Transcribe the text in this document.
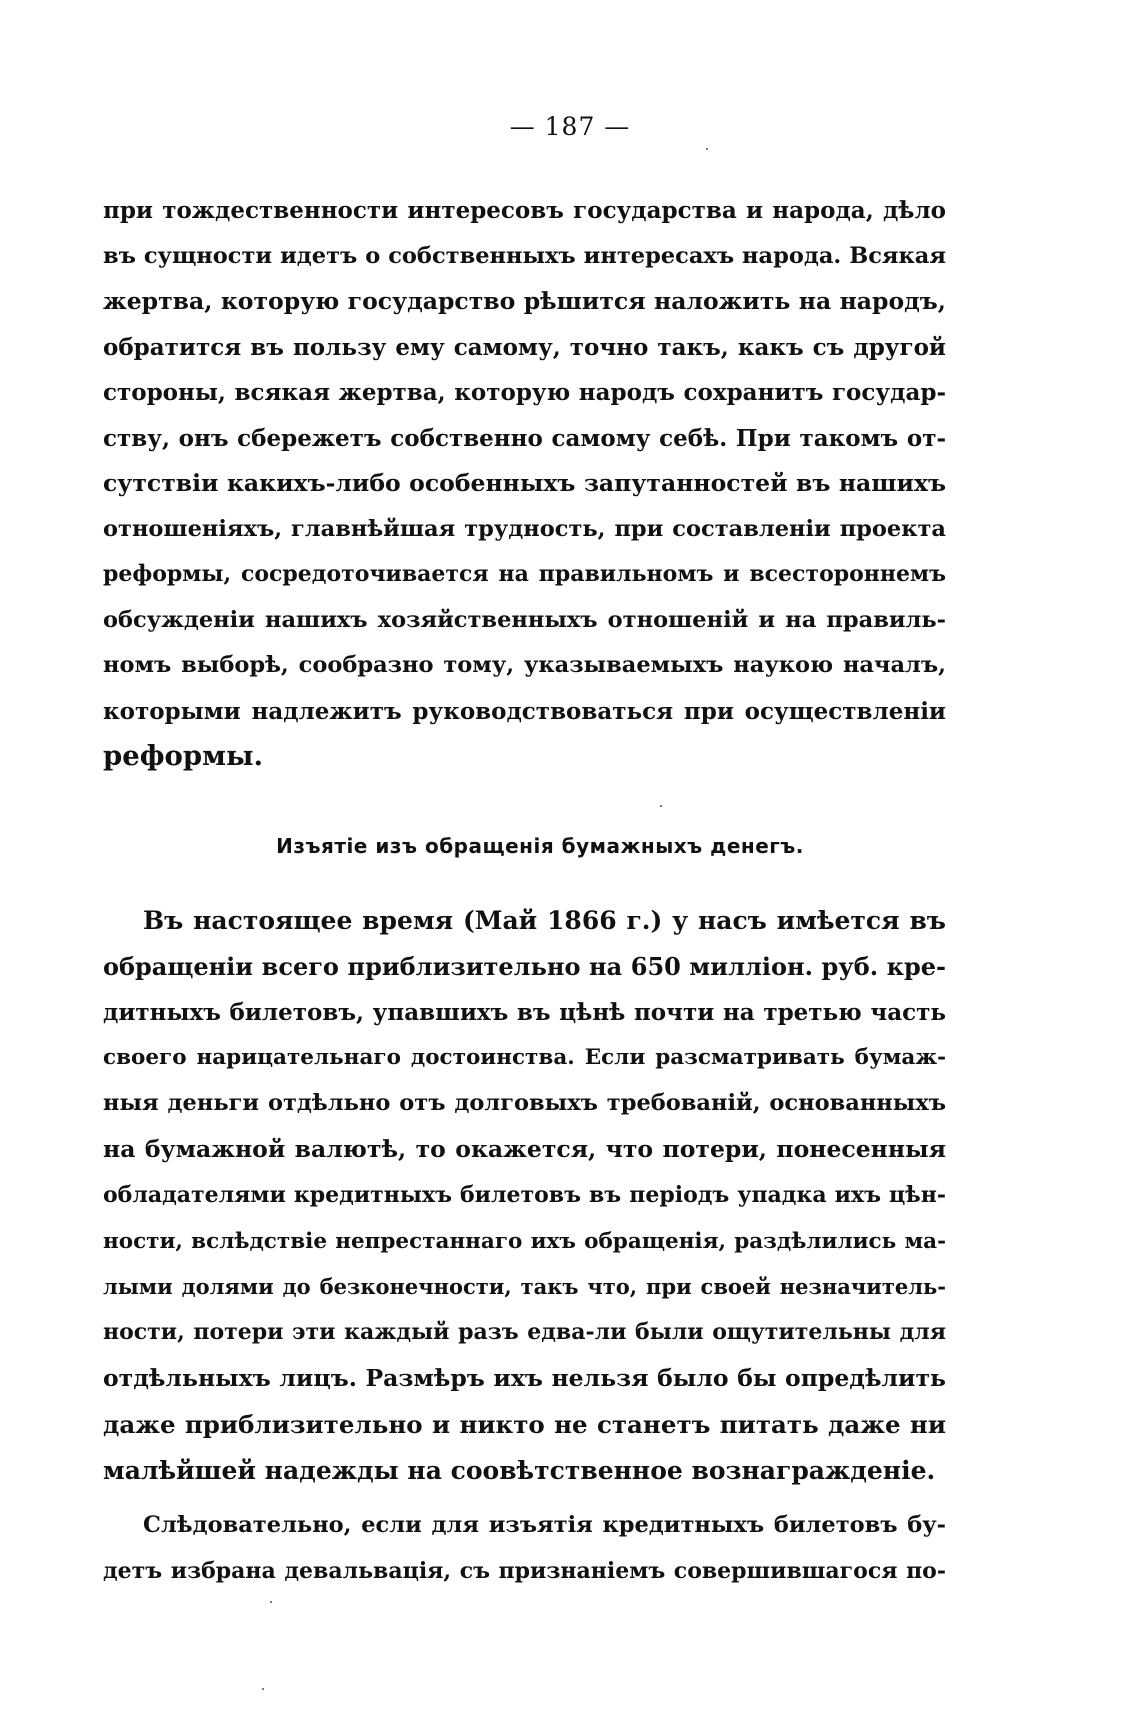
— 187 —
при тождественности интересовъ государства и народа, дѣло
въ сущности идетъ о собственныхъ интересахъ народа. Всякая
жертва, которую государство рѣшится наложить на народъ,
обратится въ пользу ему самому, точно такъ, какъ съ другой
стороны, всякая жертва, которую народъ сохранитъ государ-
ству, онъ сбережетъ собственно самому себѣ. При такомъ от-
сутствіи какихъ-либо особенныхъ запутанностей въ нашихъ
отношеніяхъ, главнѣйшая трудность, при составленіи проекта
реформы, сосредоточивается на правильномъ и всестороннемъ
обсужденіи нашихъ хозяйственныхъ отношеній и на правиль-
номъ выборѣ, сообразно тому, указываемыхъ наукою началъ,
которыми надлежитъ руководствоваться при осуществленіи
реформы.
Изъятіе изъ обращенія бумажныхъ денегъ.
Въ настоящее время (Май 1866 г.) у насъ имѣется въ
обращеніи всего приблизительно на 650 милліон. руб. кре-
дитныхъ билетовъ, упавшихъ въ цѣнѣ почти на третью часть
своего нарицательнаго достоинства. Если разсматривать бумаж-
ныя деньги отдѣльно отъ долговыхъ требованій, основанныхъ
на бумажной валютѣ, то окажется, что потери, понесенныя
обладателями кредитныхъ билетовъ въ періодъ упадка ихъ цѣн-
ности, вслѣдствіе непрестаннаго ихъ обращенія, раздѣлились ма-
лыми долями до безконечности, такъ что, при своей незначитель-
ности, потери эти каждый разъ едва-ли были ощутительны для
отдѣльныхъ лицъ. Размѣръ ихъ нельзя было бы опредѣлить
даже приблизительно и никто не станетъ питать даже ни
малѣйшей надежды на соовѣтственное вознагражденіе.
Слѣдовательно, если для изъятія кредитныхъ билетовъ бу-
детъ избрана девальвація, съ признаніемъ совершившагося по-
